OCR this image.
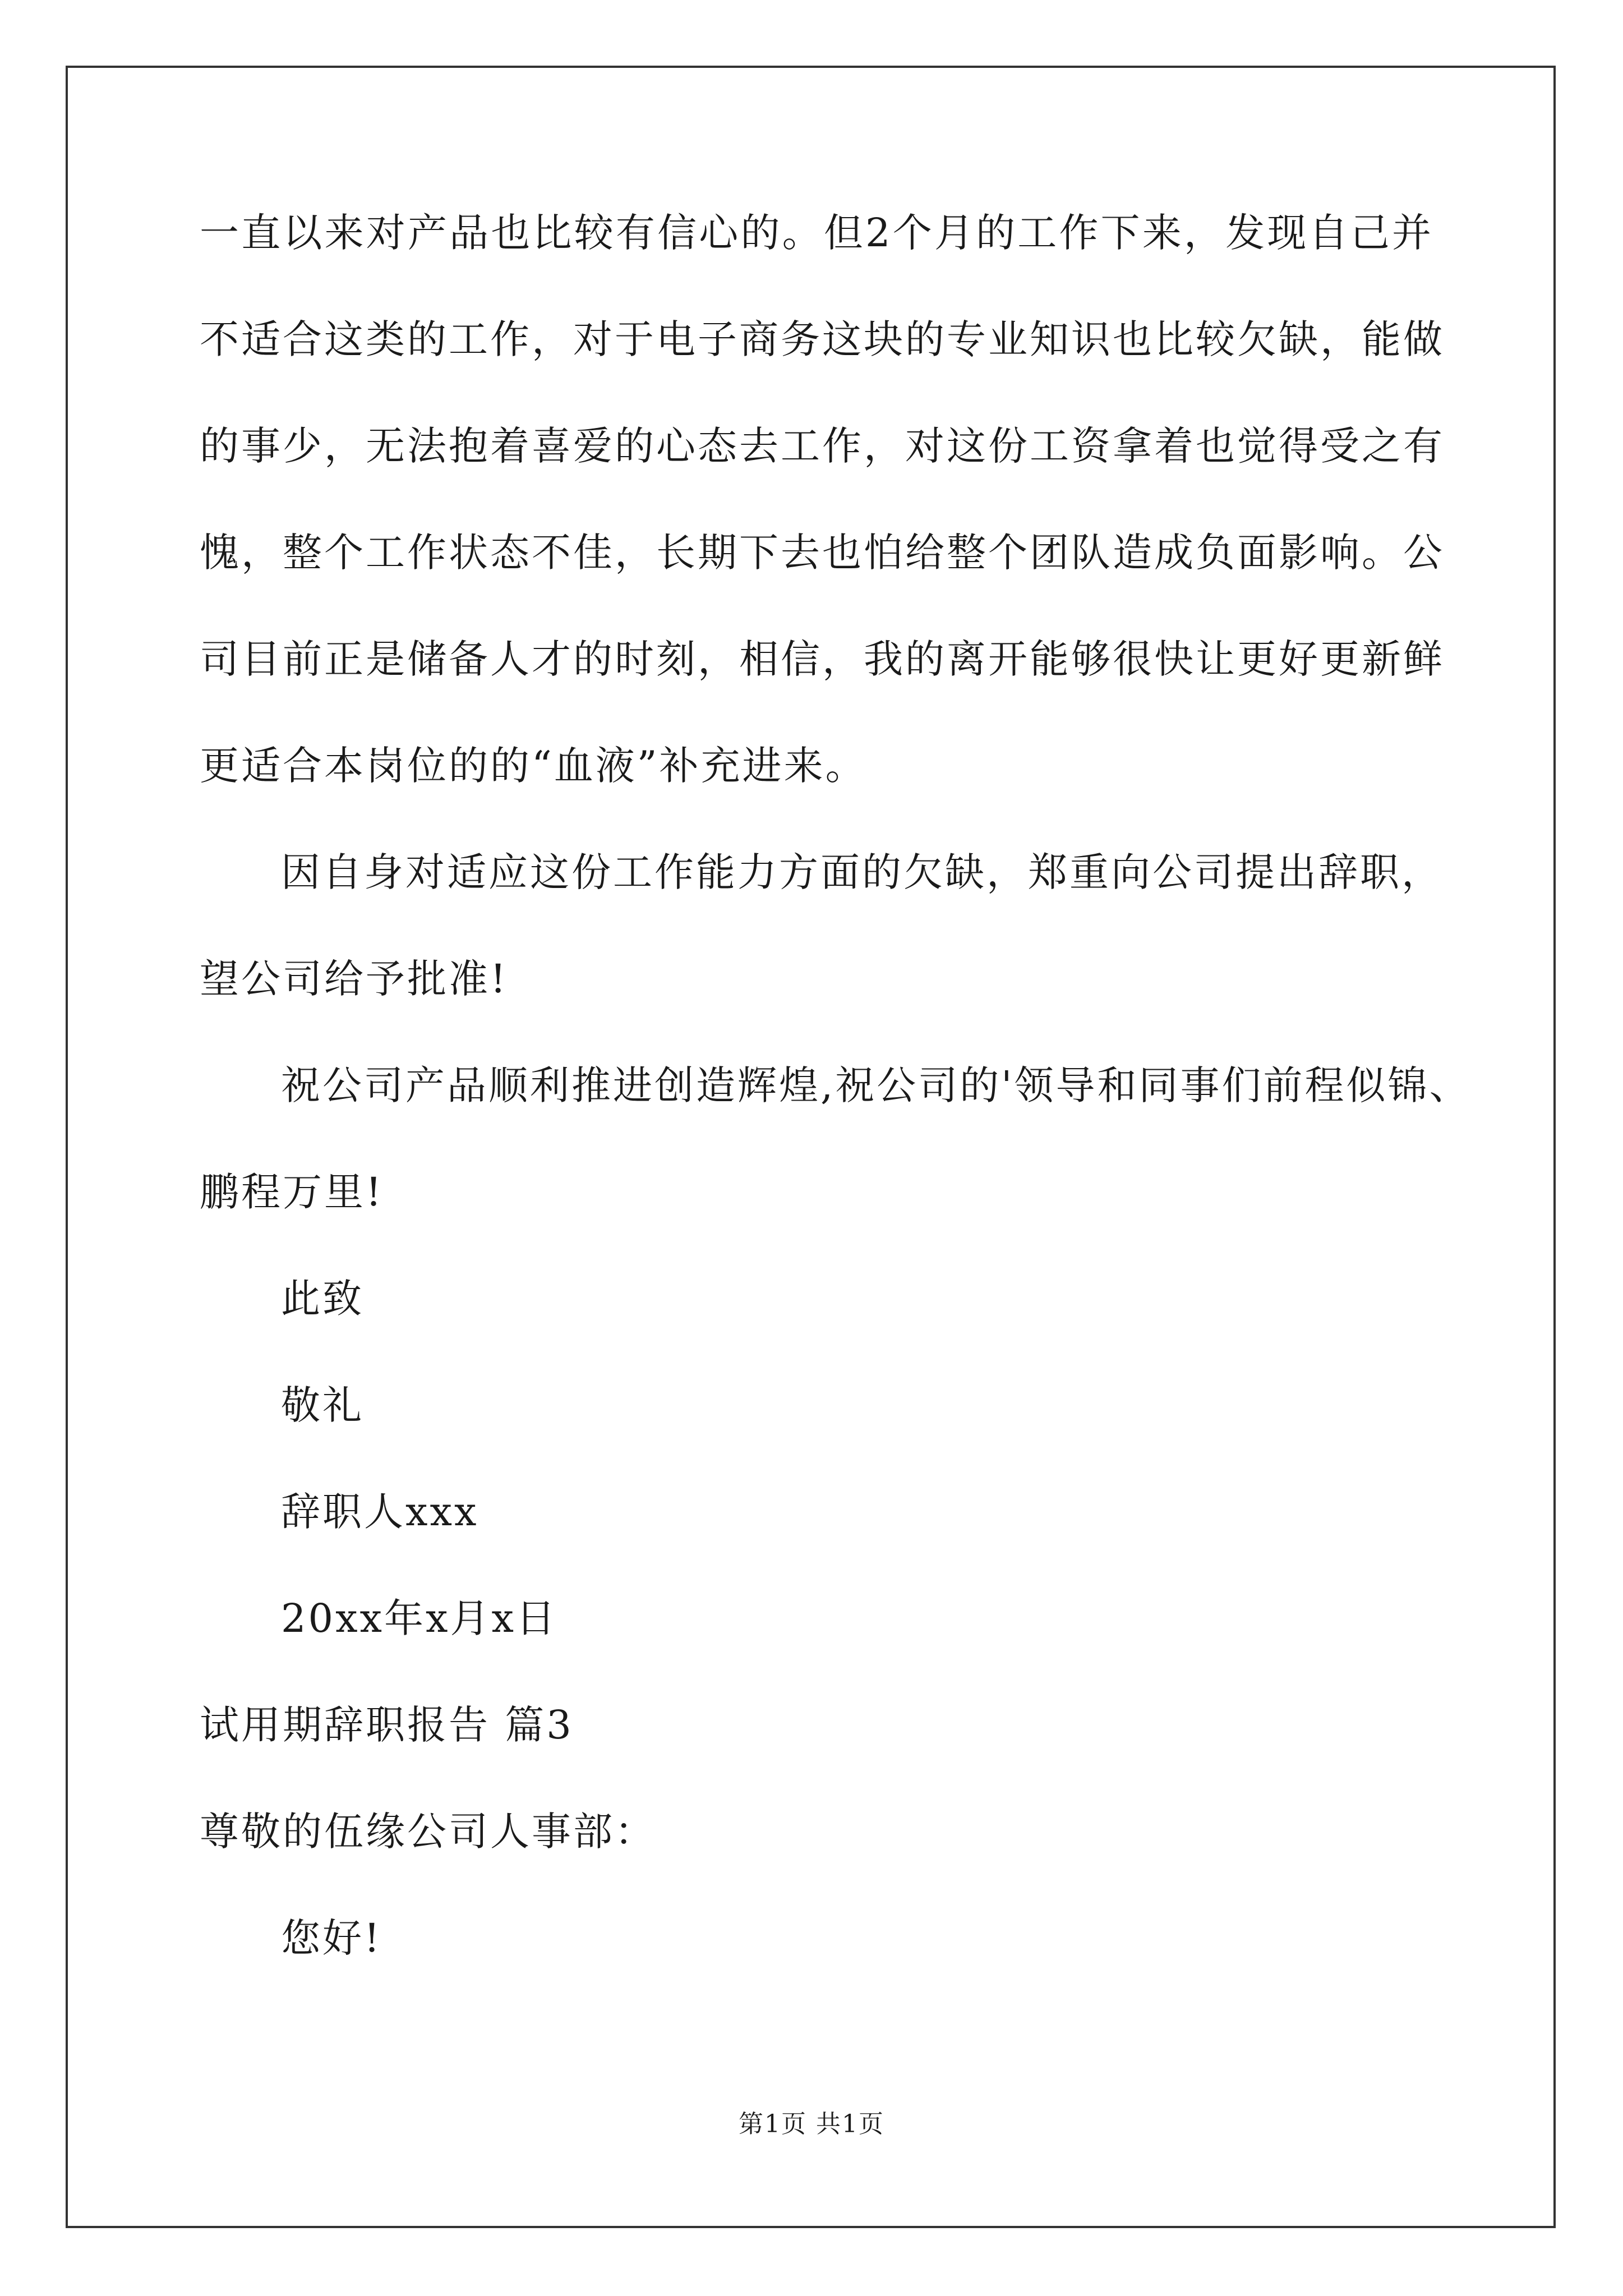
一直以来对产品也比较有信心的。但2个月的工作下来，发现自己并
不适合这类的工作，对于电子商务这块的专业知识也比较欠缺，能做
的事少，无法抱着喜爱的心态去工作，对这份工资拿着也觉得受之有
愧，整个工作状态不佳，长期下去也怕给整个团队造成负面影响。公
司目前正是储备人才的时刻，相信，我的离开能够很快让更好更新鲜
更适合本岗位的的“血液”补充进来。
因自身对适应这份工作能力方面的欠缺，郑重向公司提出辞职，
望公司给予批准!
祝公司产品顺利推进创造辉煌,祝公司的'领导和同事们前程似锦、
鹏程万里!
此致
敬礼
辞职人xxx
20xx年x月x日
试用期辞职报告 篇3
尊敬的伍缘公司人事部：
您好!
第1页 共1页
